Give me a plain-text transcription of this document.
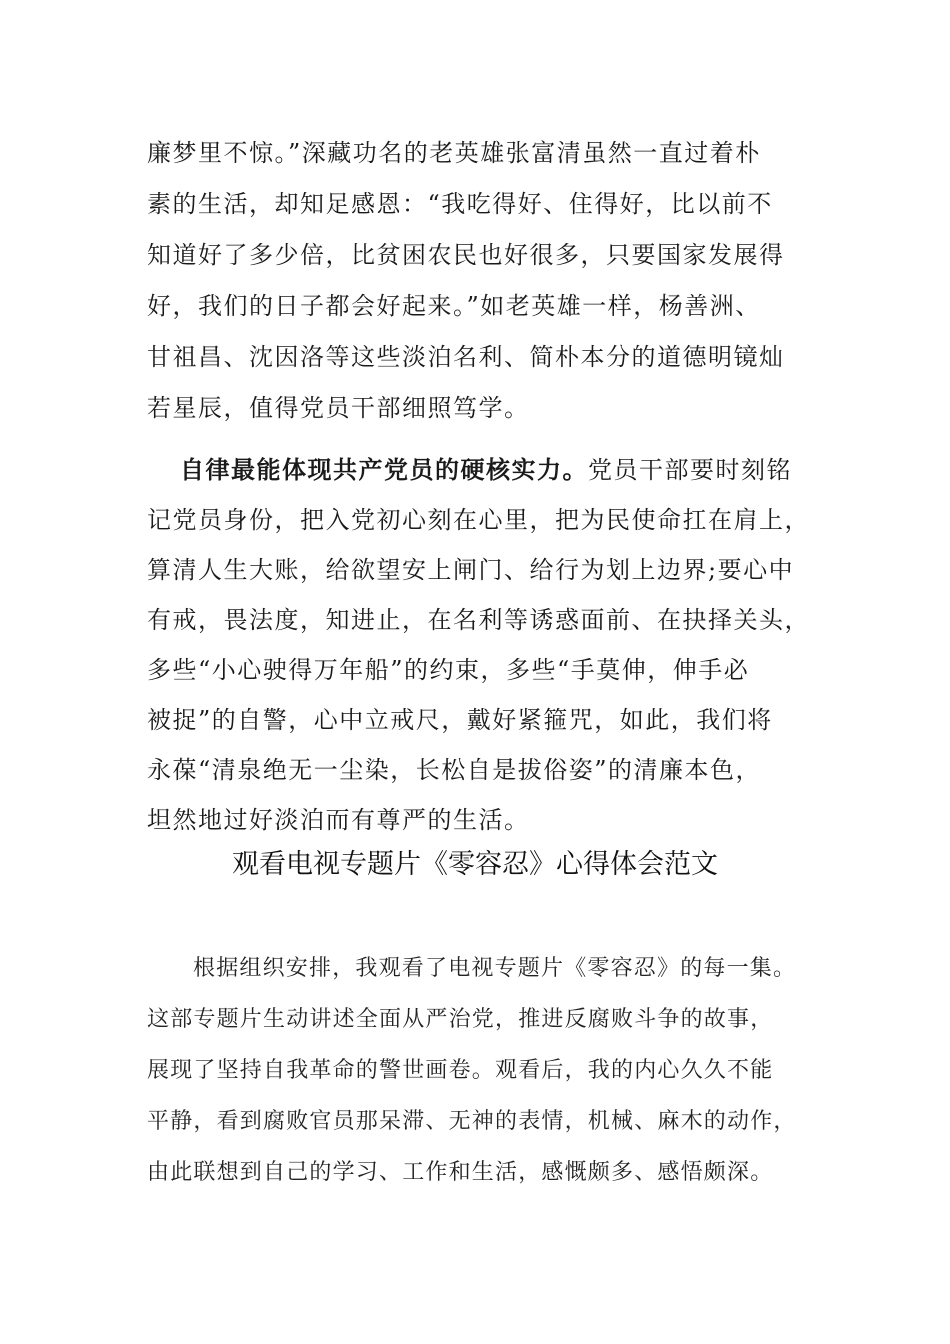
廉梦里不惊。”深藏功名的老英雄张富清虽然一直过着朴
素的生活，却知足感恩：“我吃得好、住得好，比以前不
知道好了多少倍，比贫困农民也好很多，只要国家发展得
好，我们的日子都会好起来。”如老英雄一样，杨善洲、
甘祖昌、沈因洛等这些淡泊名利、简朴本分的道德明镜灿
若星辰，值得党员干部细照笃学。
自律最能体现共产党员的硬核实力。党员干部要时刻铭
记党员身份，把入党初心刻在心里，把为民使命扛在肩上，
算清人生大账，给欲望安上闸门、给行为划上边界;要心中
有戒，畏法度，知进止，在名利等诱惑面前、在抉择关头，
多些“小心驶得万年船”的约束，多些“手莫伸，伸手必
被捉”的自警，心中立戒尺，戴好紧箍咒，如此，我们将
永葆“清泉绝无一尘染，长松自是拔俗姿”的清廉本色，
坦然地过好淡泊而有尊严的生活。
观看电视专题片《零容忍》心得体会范文
根据组织安排，我观看了电视专题片《零容忍》的每一集。
这部专题片生动讲述全面从严治党，推进反腐败斗争的故事，
展现了坚持自我革命的警世画卷。观看后，我的内心久久不能
平静，看到腐败官员那呆滞、无神的表情，机械、麻木的动作，
由此联想到自己的学习、工作和生活，感慨颇多、感悟颇深。
